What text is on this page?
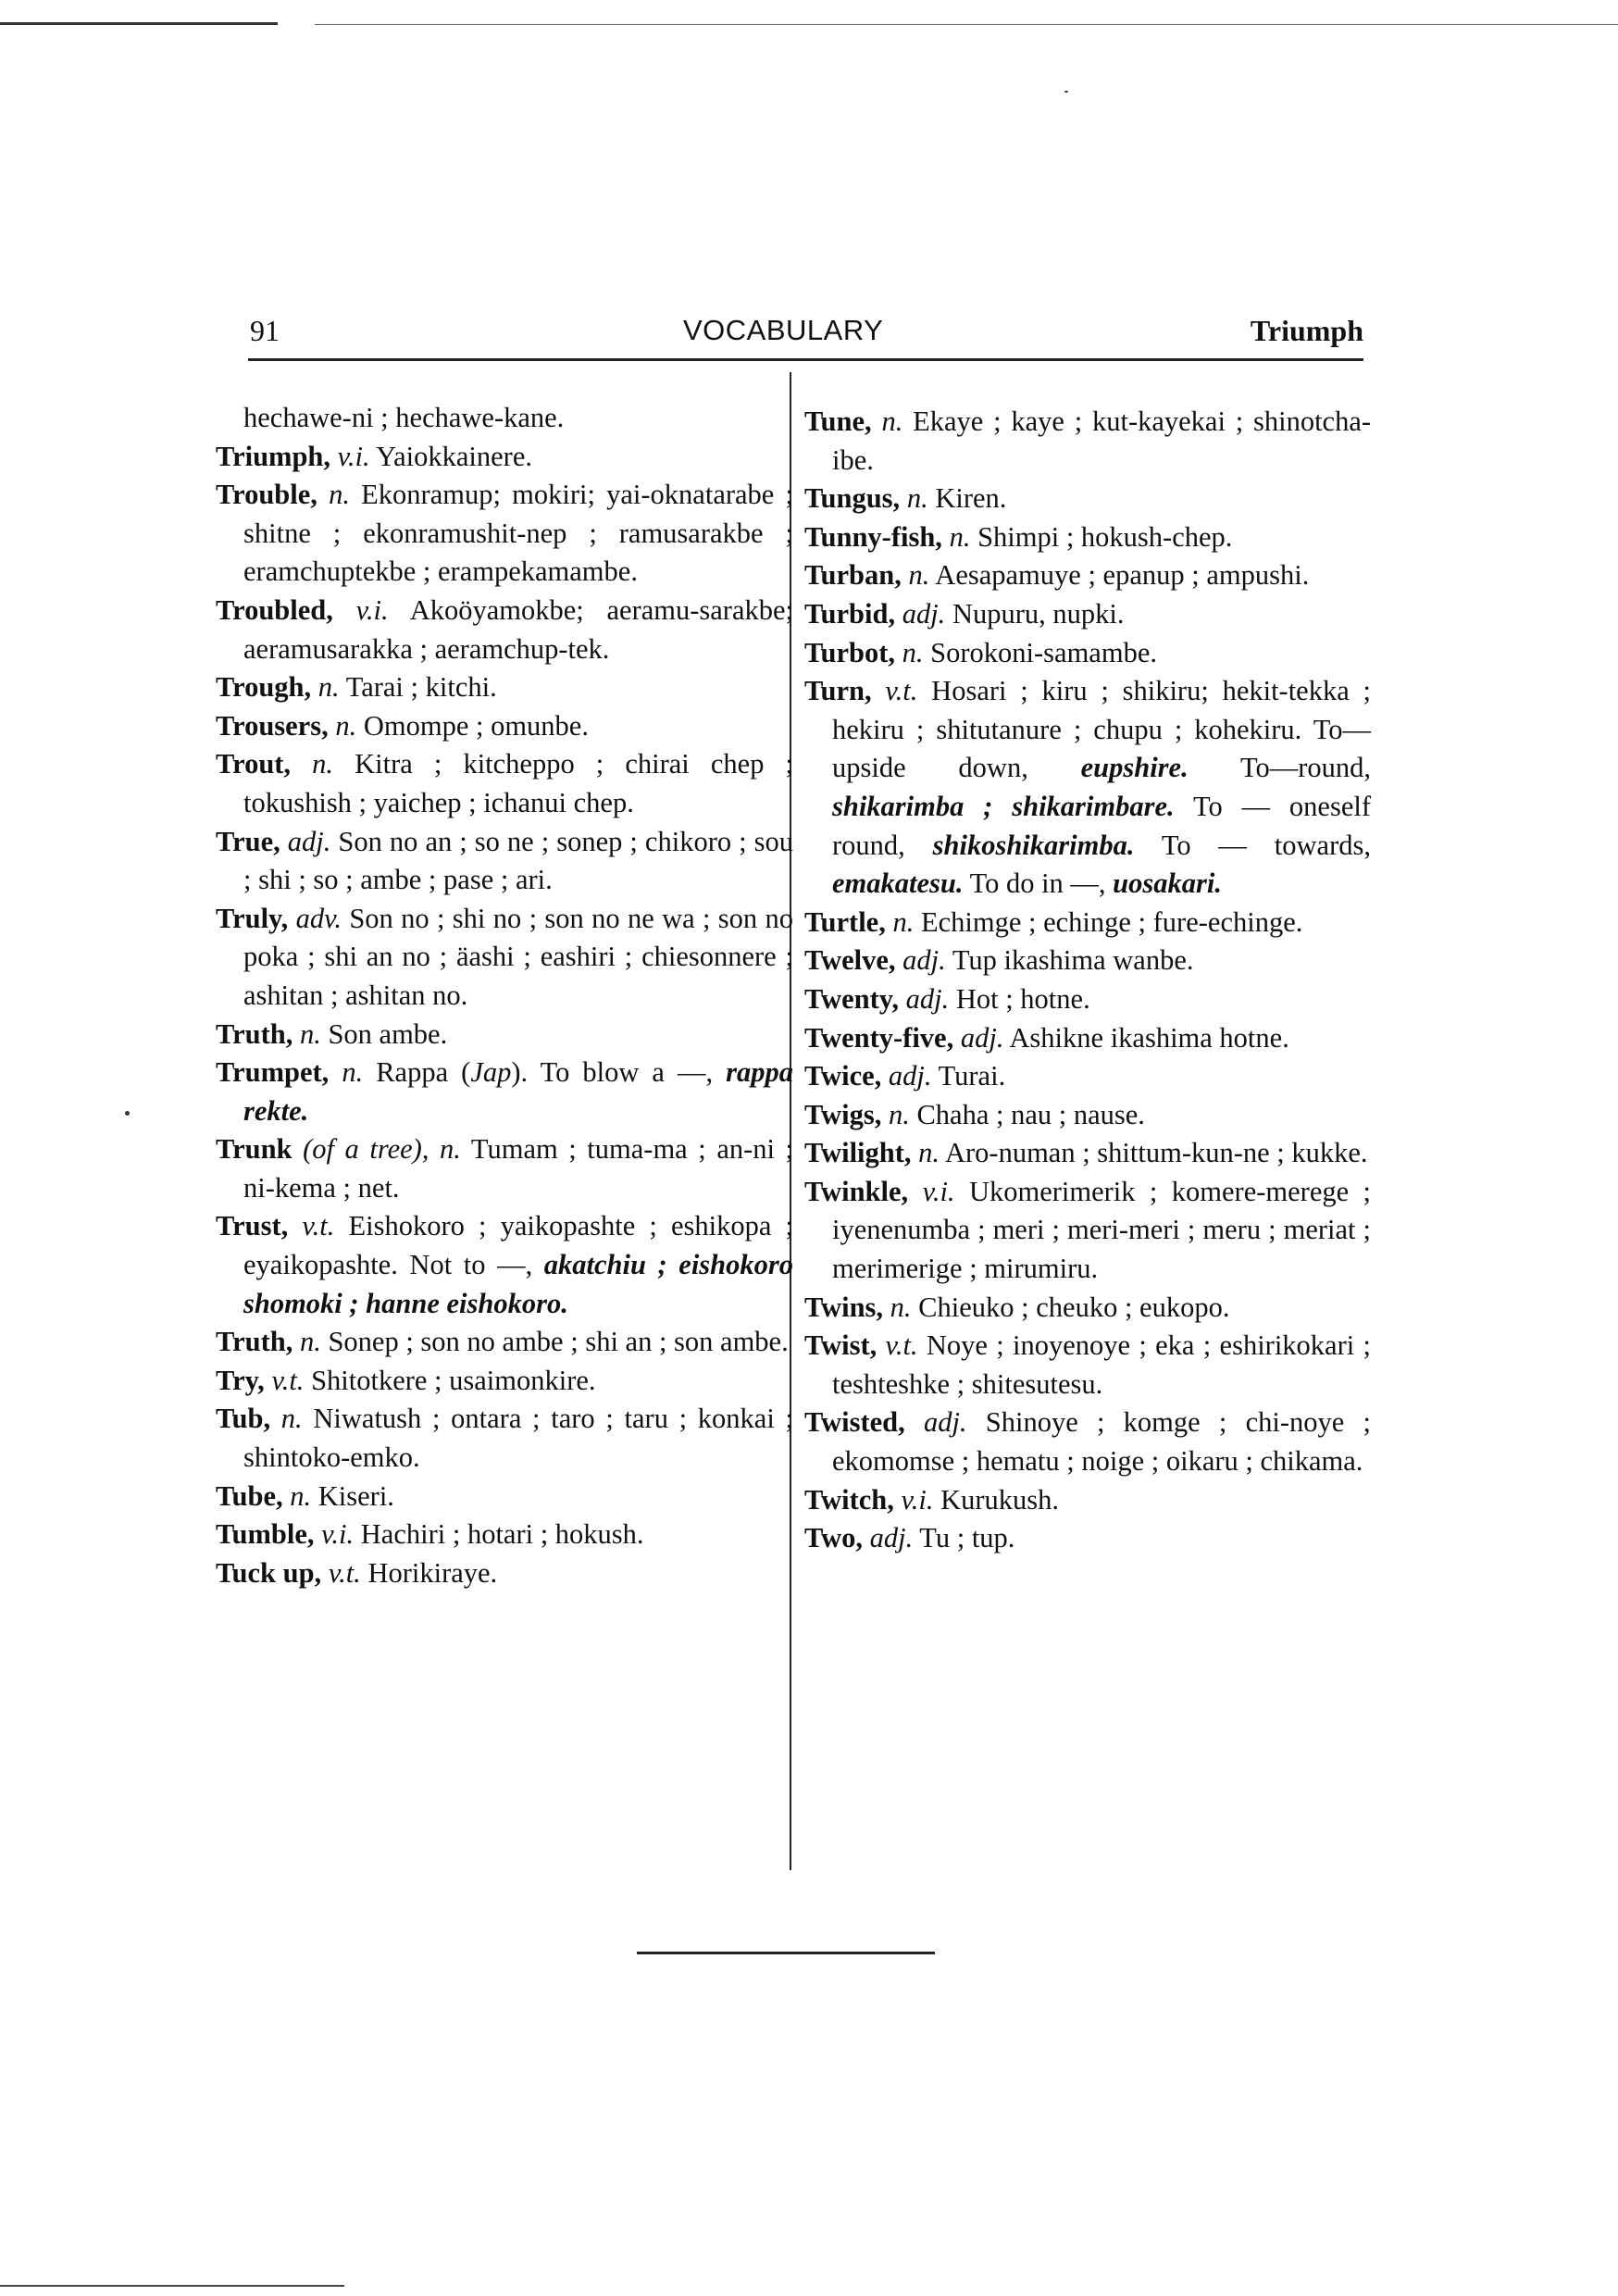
91	VOCABULARY	Triumph

hechawe-ni ; hechawe-kane.

Triumph, v.i. Yaiokkainere.

Trouble, n. Ekonramup; mokiri; yai-oknatarabe ; shitne ; ekonramushit-nep ; ramusarakbe ; eramchuptekbe ; erampekamambe.

Troubled, v.i. Akoöyamokbe; aeramu-sarakbe; aeramusarakka ; aeramchup-tek.

Trough, n. Tarai ; kitchi.

Trousers, n. Omompe ; omunbe.

Trout, n. Kitra ; kitcheppo ; chirai chep ; tokushish ; yaichep ; ichanui chep.

True, adj. Son no an ; so ne ; sonep ; chikoro ; sou ; shi ; so ; ambe ; pase ; ari.

Truly, adv. Son no ; shi no ; son no ne wa ; son no poka ; shi an no ; äashi ; eashiri ; chiesonnere ; ashitan ; ashitan no.

Truth, n. Son ambe.

Trumpet, n. Rappa (Jap). To blow a —, rappa rekte.

Trunk (of a tree), n. Tumam ; tuma-ma ; an-ni ; ni-kema ; net.

Trust, v.t. Eishokoro ; yaikopashte ; eshikopa ; eyaikopashte. Not to —, akatchiu ; eishokoro shomoki ; hanne eishokoro.

Truth, n. Sonep ; son no ambe ; shi an ; son ambe.

Try, v.t. Shitotkere ; usaimonkire.

Tub, n. Niwatush ; ontara ; taro ; taru ; konkai ; shintoko-emko.

Tube, n. Kiseri.

Tumble, v.i. Hachiri ; hotari ; hokush.

Tuck up, v.t. Horikiraye.

Tune, n. Ekaye ; kaye ; kut-kayekai ; shinotcha-ibe.

Tungus, n. Kiren.

Tunny-fish, n. Shimpi ; hokush-chep.

Turban, n. Aesapamuye ; epanup ; ampushi.

Turbid, adj. Nupuru, nupki.

Turbot, n. Sorokoni-samambe.

Turn, v.t. Hosari ; kiru ; shikiru; hekit-tekka ; hekiru ; shitutanure ; chupu ; kohekiru. To—upside down, eupshire. To—round, shikarimba ; shikarimbare. To — oneself round, shikoshikarimba. To — towards, emakatesu. To do in —, uosakari.

Turtle, n. Echimge ; echinge ; fure-echinge.

Twelve, adj. Tup ikashima wanbe.

Twenty, adj. Hot ; hotne.

Twenty-five, adj. Ashikne ikashima hotne.

Twice, adj. Turai.

Twigs, n. Chaha ; nau ; nause.

Twilight, n. Aro-numan ; shittum-kun-ne ; kukke.

Twinkle, v.i. Ukomerimerik ; komere-merege ; iyenenumba ; meri ; meri-meri ; meru ; meriat ; merimerige ; mirumiru.

Twins, n. Chieuko ; cheuko ; eukopo.

Twist, v.t. Noye ; inoyenoye ; eka ; eshirikokari ; teshteshke ; shitesutesu.

Twisted, adj. Shinoye ; komge ; chi-noye ; ekomomse ; hematu ; noige ; oikaru ; chikama.

Twitch, v.i. Kurukush.

Two, adj. Tu ; tup.
